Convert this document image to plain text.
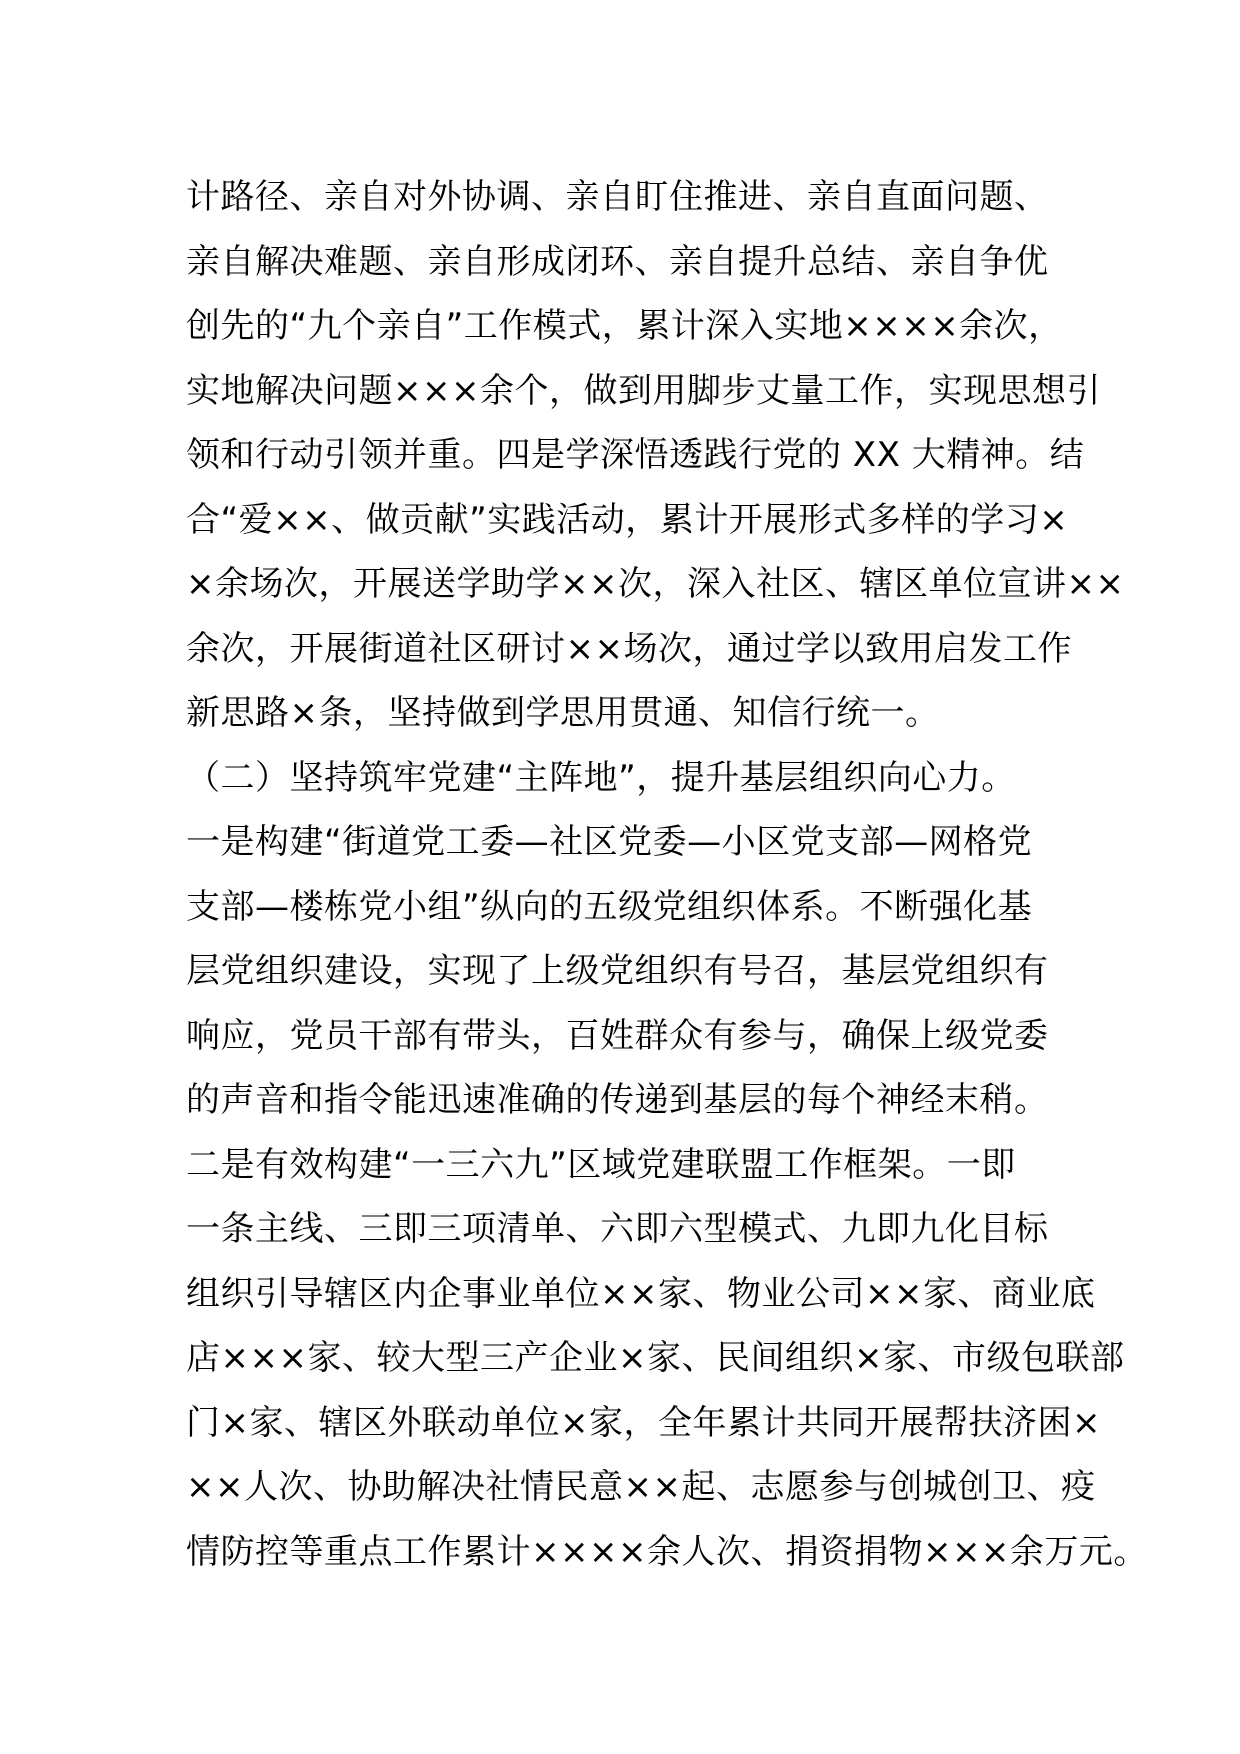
计路径、亲自对外协调、亲自盯住推进、亲自直面问题、
亲自解决难题、亲自形成闭环、亲自提升总结、亲自争优
创先的“九个亲自”工作模式，累计深入实地××××余次，
实地解决问题×××余个，做到用脚步丈量工作，实现思想引
领和行动引领并重。四是学深悟透践行党的 XX 大精神。结
合“爱××、做贡献”实践活动，累计开展形式多样的学习×
×余场次，开展送学助学××次，深入社区、辖区单位宣讲××
余次，开展街道社区研讨××场次，通过学以致用启发工作
新思路×条，坚持做到学思用贯通、知信行统一。
（二）坚持筑牢党建“主阵地”，提升基层组织向心力。
一是构建“街道党工委—社区党委—小区党支部—网格党
支部—楼栋党小组”纵向的五级党组织体系。不断强化基
层党组织建设，实现了上级党组织有号召，基层党组织有
响应，党员干部有带头，百姓群众有参与，确保上级党委
的声音和指令能迅速准确的传递到基层的每个神经末稍。
二是有效构建“一三六九”区域党建联盟工作框架。一即
一条主线、三即三项清单、六即六型模式、九即九化目标
组织引导辖区内企事业单位××家、物业公司××家、商业底
店×××家、较大型三产企业×家、民间组织×家、市级包联部
门×家、辖区外联动单位×家，全年累计共同开展帮扶济困×
××人次、协助解决社情民意××起、志愿参与创城创卫、疫
情防控等重点工作累计××××余人次、捐资捐物×××余万元。
